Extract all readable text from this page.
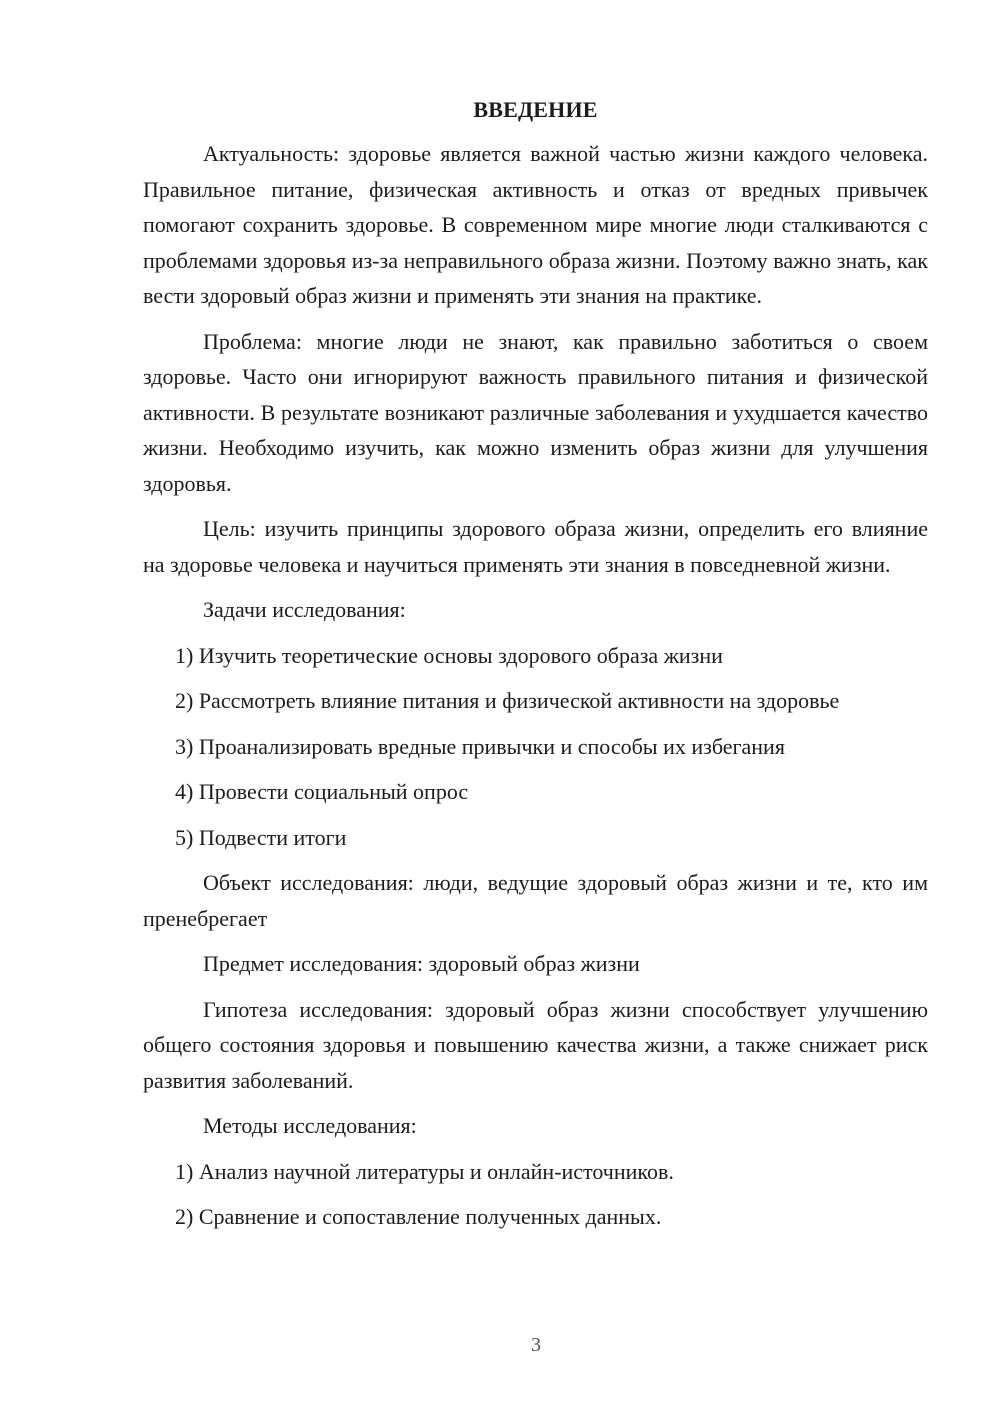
ВВЕДЕНИЕ

Актуальность: здоровье является важной частью жизни каждого человека. Правильное питание, физическая активность и отказ от вредных привычек помогают сохранить здоровье. В современном мире многие люди сталкиваются с проблемами здоровья из-за неправильного образа жизни. Поэтому важно знать, как вести здоровый образ жизни и применять эти знания на практике.

Проблема: многие люди не знают, как правильно заботиться о своем здоровье. Часто они игнорируют важность правильного питания и физической активности. В результате возникают различные заболевания и ухудшается качество жизни. Необходимо изучить, как можно изменить образ жизни для улучшения здоровья.

Цель: изучить принципы здорового образа жизни, определить его влияние на здоровье человека и научиться применять эти знания в повседневной жизни.

Задачи исследования:

1) Изучить теоретические основы здорового образа жизни
2) Рассмотреть влияние питания и физической активности на здоровье
3) Проанализировать вредные привычки и способы их избегания
4) Провести социальный опрос
5) Подвести итоги

Объект исследования: люди, ведущие здоровый образ жизни и те, кто им пренебрегает

Предмет исследования: здоровый образ жизни

Гипотеза исследования: здоровый образ жизни способствует улучшению общего состояния здоровья и повышению качества жизни, а также снижает риск развития заболеваний.

Методы исследования:

1) Анализ научной литературы и онлайн-источников.
2) Сравнение и сопоставление полученных данных.
3
